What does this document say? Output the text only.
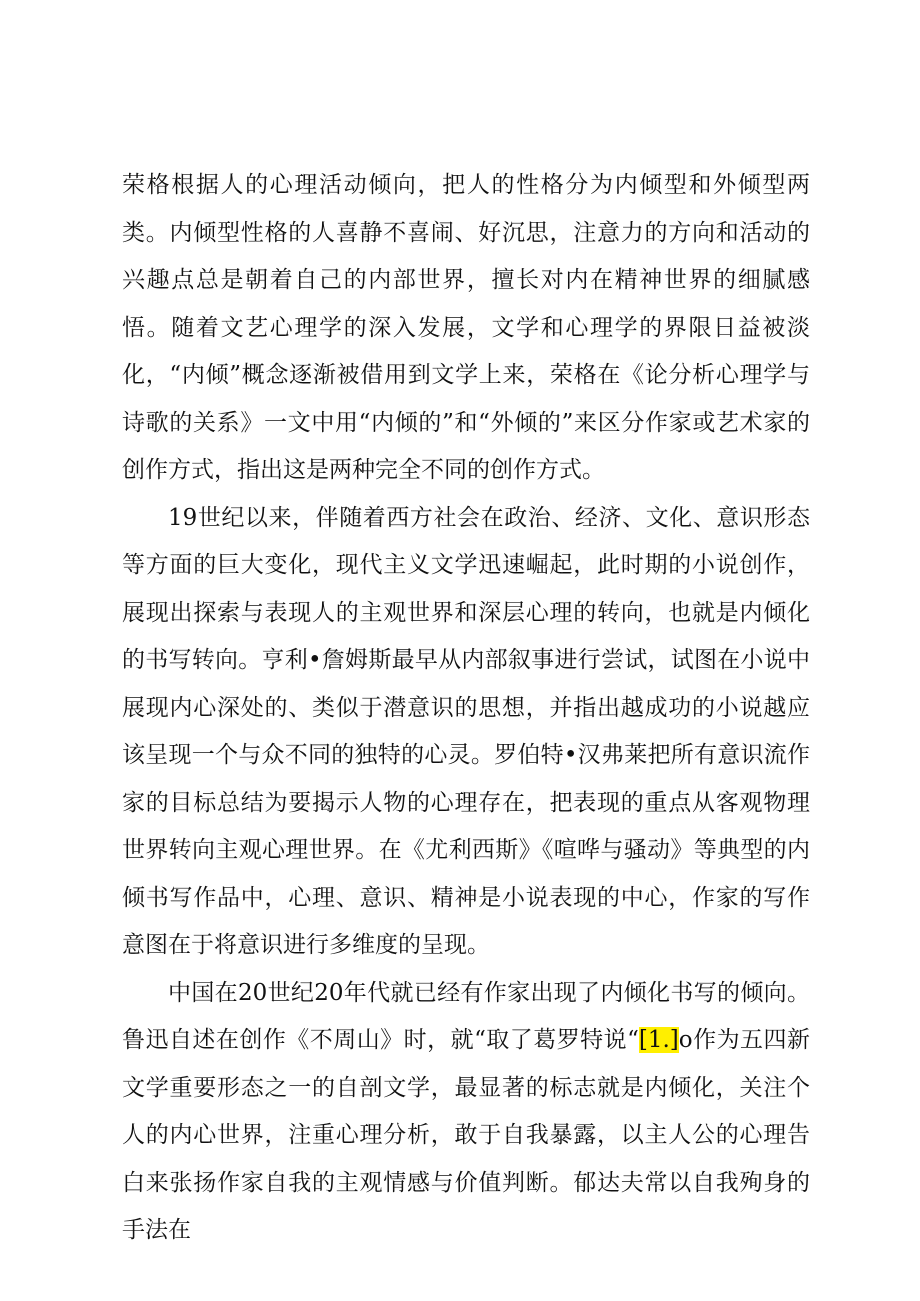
荣格根据人的心理活动倾向，把人的性格分为内倾型和外倾型两类。内倾型性格的人喜静不喜闹、好沉思，注意力的方向和活动的兴趣点总是朝着自己的内部世界，擅长对内在精神世界的细腻感悟。随着文艺心理学的深入发展，文学和心理学的界限日益被淡化，“内倾”概念逐渐被借用到文学上来，荣格在《论分析心理学与诗歌的关系》一文中用“内倾的”和“外倾的”来区分作家或艺术家的创作方式，指出这是两种完全不同的创作方式。

19世纪以来，伴随着西方社会在政治、经济、文化、意识形态等方面的巨大变化，现代主义文学迅速崛起，此时期的小说创作，展现出探索与表现人的主观世界和深层心理的转向，也就是内倾化的书写转向。亨利•詹姆斯最早从内部叙事进行尝试，试图在小说中展现内心深处的、类似于潜意识的思想，并指出越成功的小说越应该呈现一个与众不同的独特的心灵。罗伯特•汉弗莱把所有意识流作家的目标总结为要揭示人物的心理存在，把表现的重点从客观物理世界转向主观心理世界。在《尤利西斯》《喧哗与骚动》等典型的内倾书写作品中，心理、意识、精神是小说表现的中心，作家的写作意图在于将意识进行多维度的呈现。

中国在20世纪20年代就已经有作家出现了内倾化书写的倾向。鲁迅自述在创作《不周山》时，就“取了葛罗特说“[1.]o作为五四新文学重要形态之一的自剖文学，最显著的标志就是内倾化，关注个人的内心世界，注重心理分析，敢于自我暴露，以主人公的心理告白来张扬作家自我的主观情感与价值判断。郁达夫常以自我殉身的手法在
